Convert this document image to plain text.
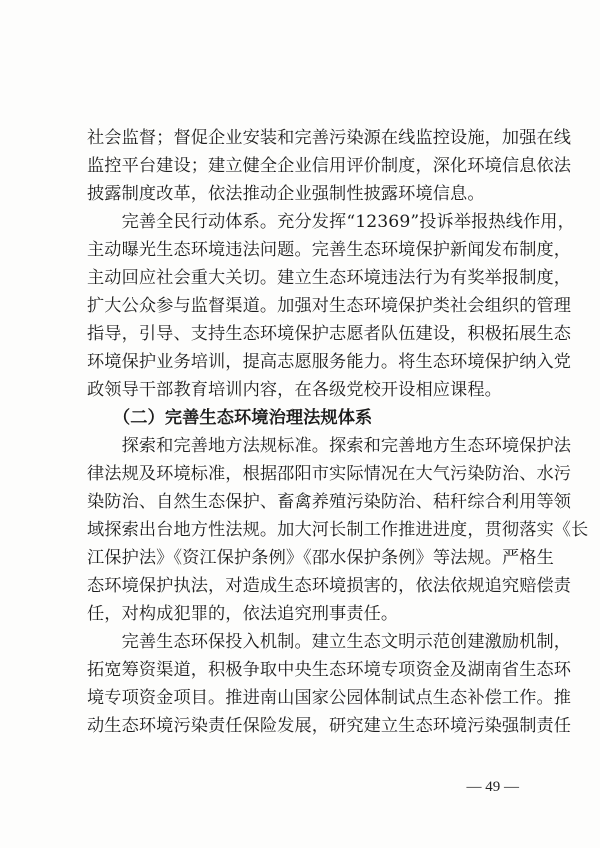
社会监督；督促企业安装和完善污染源在线监控设施，加强在线
监控平台建设；建立健全企业信用评价制度，深化环境信息依法
披露制度改革，依法推动企业强制性披露环境信息。
　　完善全民行动体系。充分发挥“12369”投诉举报热线作用，
主动曝光生态环境违法问题。完善生态环境保护新闻发布制度，
主动回应社会重大关切。建立生态环境违法行为有奖举报制度，
扩大公众参与监督渠道。加强对生态环境保护类社会组织的管理
指导，引导、支持生态环境保护志愿者队伍建设，积极拓展生态
环境保护业务培训，提高志愿服务能力。将生态环境保护纳入党
政领导干部教育培训内容，在各级党校开设相应课程。
　　（二）完善生态环境治理法规体系
　　探索和完善地方法规标准。探索和完善地方生态环境保护法
律法规及环境标准，根据邵阳市实际情况在大气污染防治、水污
染防治、自然生态保护、畜禽养殖污染防治、秸秆综合利用等领
域探索出台地方性法规。加大河长制工作推进进度，贯彻落实《长
江保护法》《资江保护条例》《邵水保护条例》等法规。严格生
态环境保护执法，对造成生态环境损害的，依法依规追究赔偿责
任，对构成犯罪的，依法追究刑事责任。
　　完善生态环保投入机制。建立生态文明示范创建激励机制，
拓宽筹资渠道，积极争取中央生态环境专项资金及湖南省生态环
境专项资金项目。推进南山国家公园体制试点生态补偿工作。推
动生态环境污染责任保险发展，研究建立生态环境污染强制责任
— 49 —
